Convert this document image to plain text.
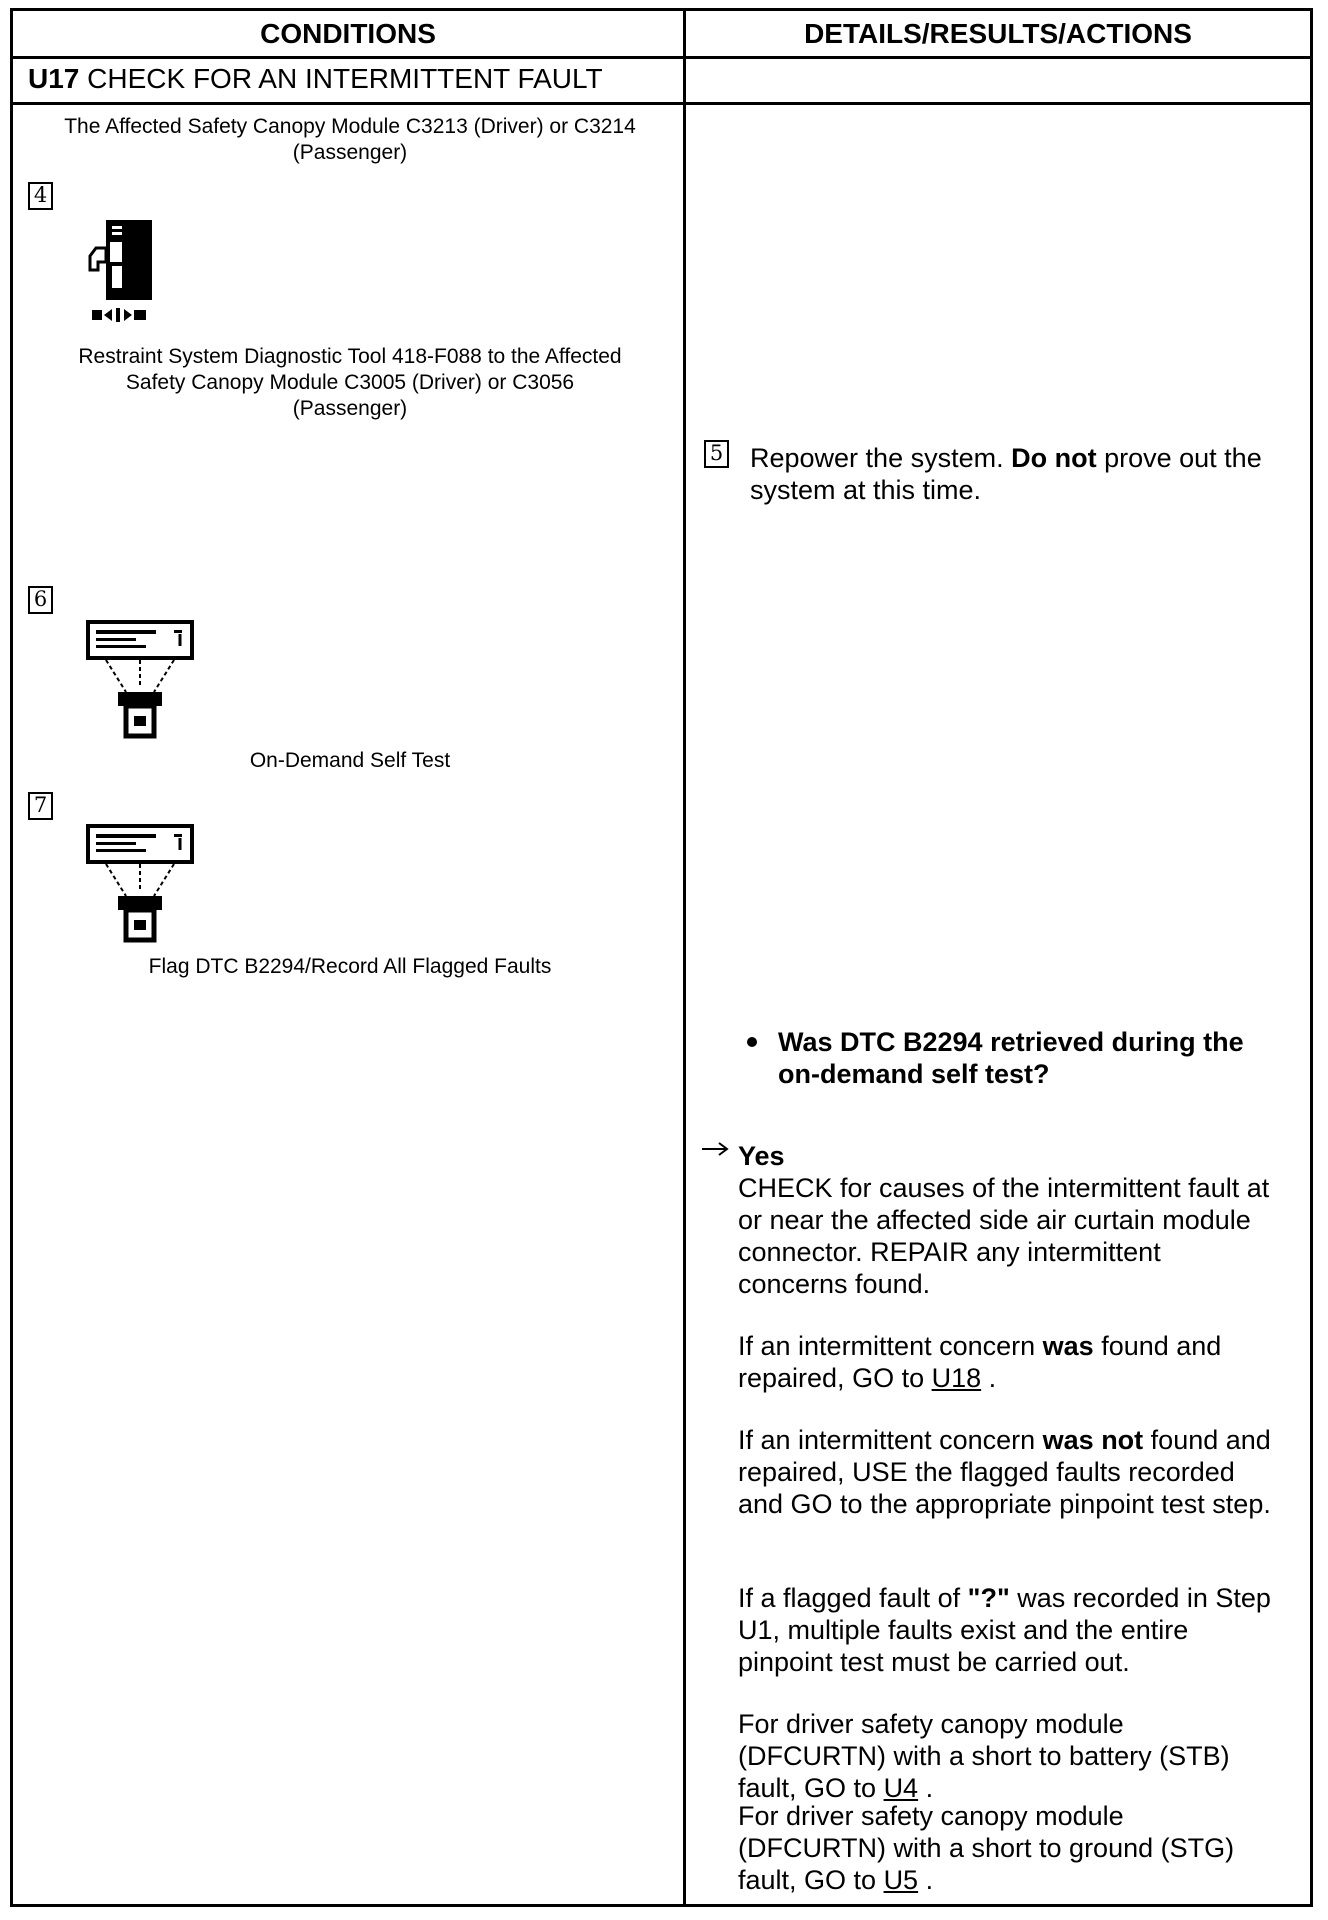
CONDITIONS	DETAILS/RESULTS/ACTIONS
U17 CHECK FOR AN INTERMITTENT FAULT
The Affected Safety Canopy Module C3213 (Driver) or C3214
(Passenger)
4
Restraint System Diagnostic Tool 418-F088 to the Affected
Safety Canopy Module C3005 (Driver) or C3056
(Passenger)
6
On-Demand Self Test
7
Flag DTC B2294/Record All Flagged Faults
5 Repower the system. Do not prove out the
system at this time.
Was DTC B2294 retrieved during the
on-demand self test?
Yes
CHECK for causes of the intermittent fault at
or near the affected side air curtain module
connector. REPAIR any intermittent
concerns found.
If an intermittent concern was found and
repaired, GO to U18 .
If an intermittent concern was not found and
repaired, USE the flagged faults recorded
and GO to the appropriate pinpoint test step.
If a flagged fault of "?" was recorded in Step
U1, multiple faults exist and the entire
pinpoint test must be carried out.
For driver safety canopy module
(DFCURTN) with a short to battery (STB)
fault, GO to U4 .
For driver safety canopy module
(DFCURTN) with a short to ground (STG)
fault, GO to U5 .
